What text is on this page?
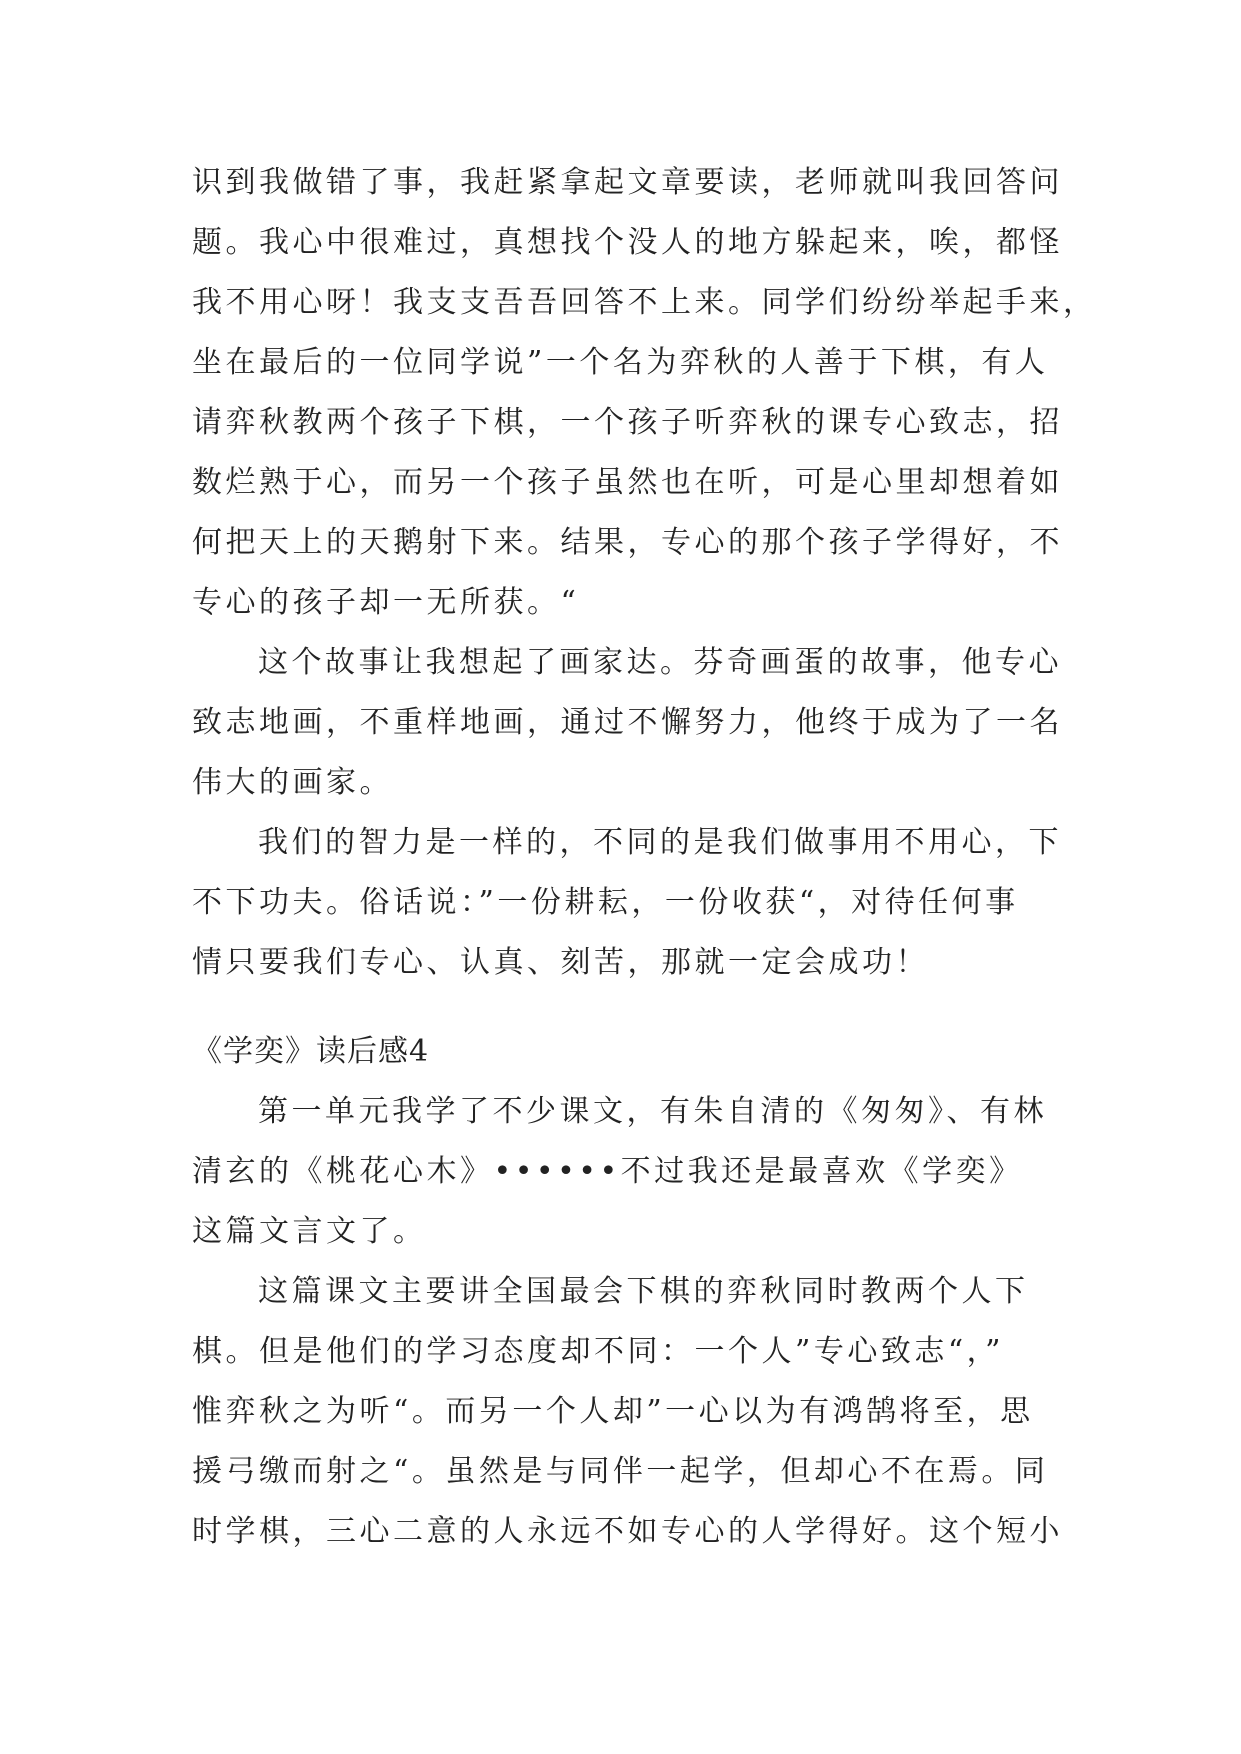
识到我做错了事，我赶紧拿起文章要读，老师就叫我回答问
题。我心中很难过，真想找个没人的地方躲起来，唉，都怪
我不用心呀！我支支吾吾回答不上来。同学们纷纷举起手来，
坐在最后的一位同学说”一个名为弈秋的人善于下棋，有人
请弈秋教两个孩子下棋，一个孩子听弈秋的课专心致志，招
数烂熟于心，而另一个孩子虽然也在听，可是心里却想着如
何把天上的天鹅射下来。结果，专心的那个孩子学得好，不
专心的孩子却一无所获。“
这个故事让我想起了画家达。芬奇画蛋的故事，他专心
致志地画，不重样地画，通过不懈努力，他终于成为了一名
伟大的画家。
我们的智力是一样的，不同的是我们做事用不用心，下
不下功夫。俗话说：”一份耕耘，一份收获“，对待任何事
情只要我们专心、认真、刻苦，那就一定会成功！
《学奕》读后感4
第一单元我学了不少课文，有朱自清的《匆匆》、有林
清玄的《桃花心木》••••••不过我还是最喜欢《学奕》
这篇文言文了。
这篇课文主要讲全国最会下棋的弈秋同时教两个人下
棋。但是他们的学习态度却不同：一个人”专心致志“，”
惟弈秋之为听“。而另一个人却”一心以为有鸿鹄将至，思
援弓缴而射之“。虽然是与同伴一起学，但却心不在焉。同
时学棋，三心二意的人永远不如专心的人学得好。这个短小
